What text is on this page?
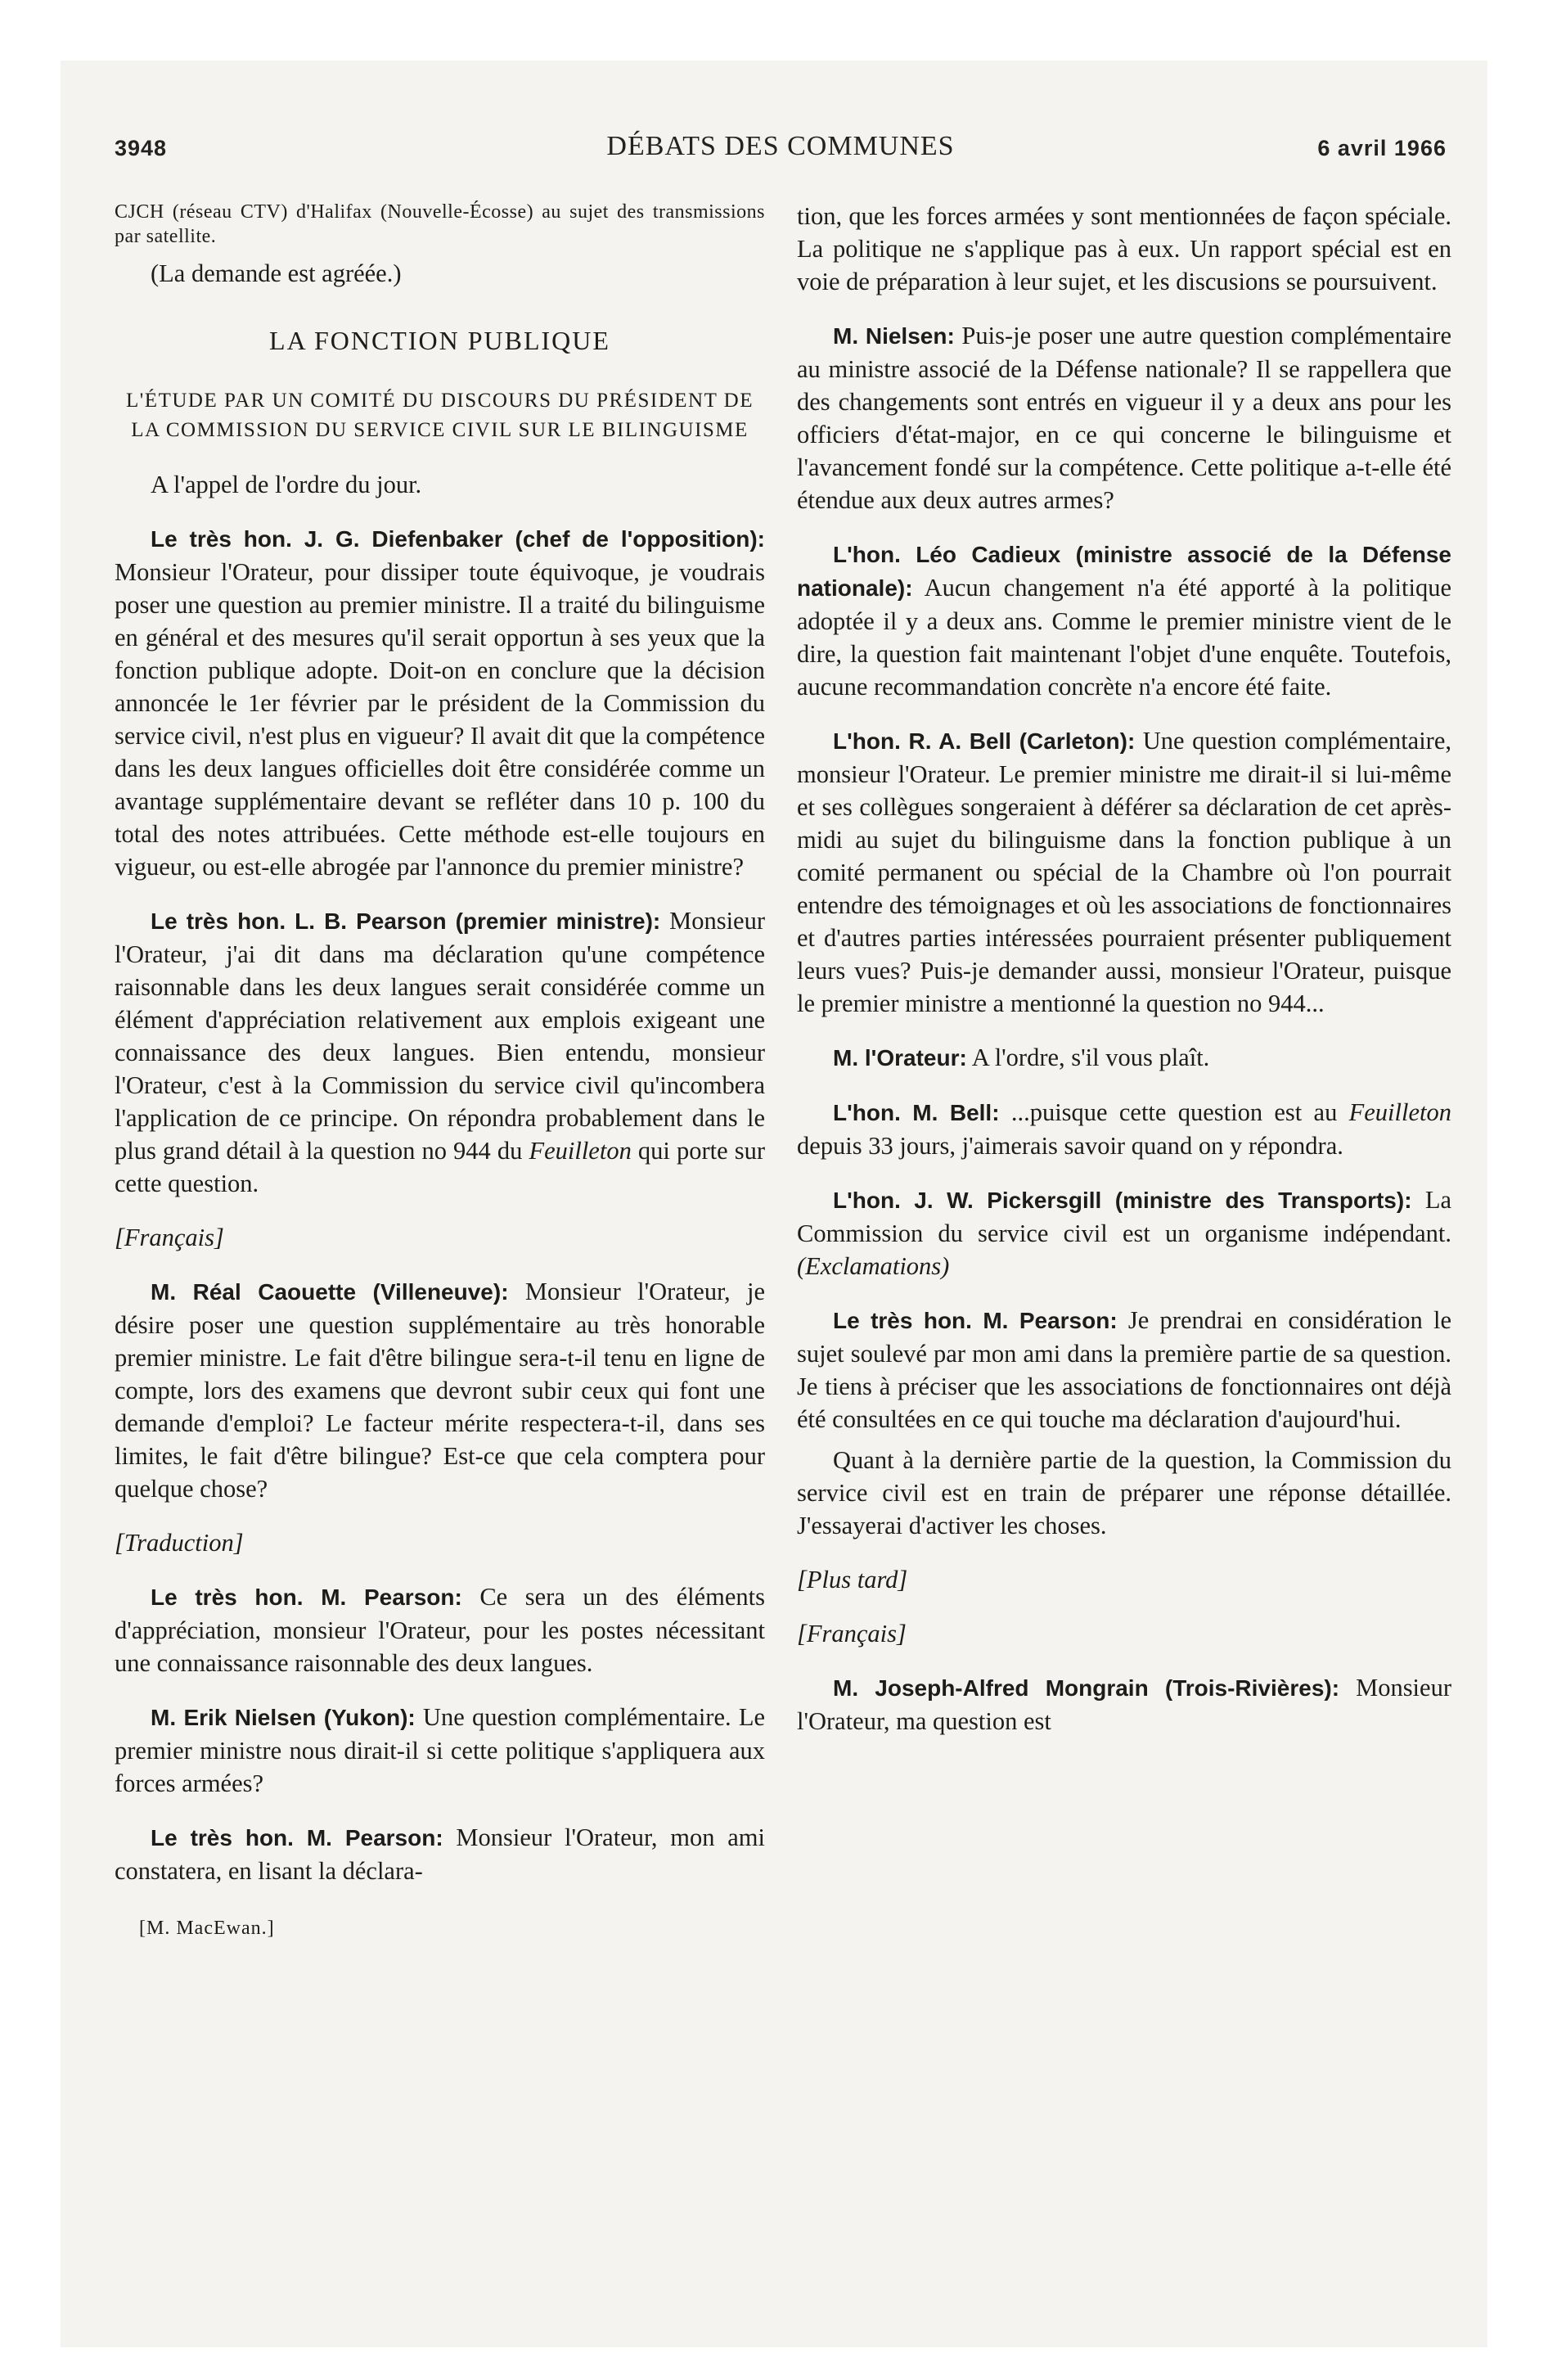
3948	DÉBATS DES COMMUNES	6 avril 1966

CJCH (réseau CTV) d'Halifax (Nouvelle-Écosse) au sujet des transmissions par satellite.

(La demande est agréée.)

LA FONCTION PUBLIQUE
L'ÉTUDE PAR UN COMITÉ DU DISCOURS DU PRÉSIDENT DE LA COMMISSION DU SERVICE CIVIL SUR LE BILINGUISME

A l'appel de l'ordre du jour.

Le très hon. J. G. Diefenbaker (chef de l'opposition): Monsieur l'Orateur, pour dissiper toute équivoque, je voudrais poser une question au premier ministre. Il a traité du bilinguisme en général et des mesures qu'il serait opportun à ses yeux que la fonction publique adopte. Doit-on en conclure que la décision annoncée le 1er février par le président de la Commission du service civil, n'est plus en vigueur? Il avait dit que la compétence dans les deux langues officielles doit être considérée comme un avantage supplémentaire devant se refléter dans 10 p. 100 du total des notes attribuées. Cette méthode est-elle toujours en vigueur, ou est-elle abrogée par l'annonce du premier ministre?

Le très hon. L. B. Pearson (premier ministre): Monsieur l'Orateur, j'ai dit dans ma déclaration qu'une compétence raisonnable dans les deux langues serait considérée comme un élément d'appréciation relativement aux emplois exigeant une connaissance des deux langues. Bien entendu, monsieur l'Orateur, c'est à la Commission du service civil qu'incombera l'application de ce principe. On répondra probablement dans le plus grand détail à la question no 944 du Feuilleton qui porte sur cette question.

[Français]

M. Réal Caouette (Villeneuve): Monsieur l'Orateur, je désire poser une question supplémentaire au très honorable premier ministre. Le fait d'être bilingue sera-t-il tenu en ligne de compte, lors des examens que devront subir ceux qui font une demande d'emploi? Le facteur mérite respectera-t-il, dans ses limites, le fait d'être bilingue? Est-ce que cela comptera pour quelque chose?

[Traduction]

Le très hon. M. Pearson: Ce sera un des éléments d'appréciation, monsieur l'Orateur, pour les postes nécessitant une connaissance raisonnable des deux langues.

M. Erik Nielsen (Yukon): Une question complémentaire. Le premier ministre nous dirait-il si cette politique s'appliquera aux forces armées?

Le très hon. M. Pearson: Monsieur l'Orateur, mon ami constatera, en lisant la déclara-

[M. MacEwan.]

tion, que les forces armées y sont mentionnées de façon spéciale. La politique ne s'applique pas à eux. Un rapport spécial est en voie de préparation à leur sujet, et les discusions se poursuivent.

M. Nielsen: Puis-je poser une autre question complémentaire au ministre associé de la Défense nationale? Il se rappellera que des changements sont entrés en vigueur il y a deux ans pour les officiers d'état-major, en ce qui concerne le bilinguisme et l'avancement fondé sur la compétence. Cette politique a-t-elle été étendue aux deux autres armes?

L'hon. Léo Cadieux (ministre associé de la Défense nationale): Aucun changement n'a été apporté à la politique adoptée il y a deux ans. Comme le premier ministre vient de le dire, la question fait maintenant l'objet d'une enquête. Toutefois, aucune recommandation concrète n'a encore été faite.

L'hon. R. A. Bell (Carleton): Une question complémentaire, monsieur l'Orateur. Le premier ministre me dirait-il si lui-même et ses collègues songeraient à déférer sa déclaration de cet après-midi au sujet du bilinguisme dans la fonction publique à un comité permanent ou spécial de la Chambre où l'on pourrait entendre des témoignages et où les associations de fonctionnaires et d'autres parties intéressées pourraient présenter publiquement leurs vues? Puis-je demander aussi, monsieur l'Orateur, puisque le premier ministre a mentionné la question no 944...

M. l'Orateur: A l'ordre, s'il vous plaît.

L'hon. M. Bell: ...puisque cette question est au Feuilleton depuis 33 jours, j'aimerais savoir quand on y répondra.

L'hon. J. W. Pickersgill (ministre des Transports): La Commission du service civil est un organisme indépendant. (Exclamations)

Le très hon. M. Pearson: Je prendrai en considération le sujet soulevé par mon ami dans la première partie de sa question. Je tiens à préciser que les associations de fonctionnaires ont déjà été consultées en ce qui touche ma déclaration d'aujourd'hui.

Quant à la dernière partie de la question, la Commission du service civil est en train de préparer une réponse détaillée. J'essayerai d'activer les choses.

[Plus tard]

[Français]

M. Joseph-Alfred Mongrain (Trois-Rivières): Monsieur l'Orateur, ma question est
